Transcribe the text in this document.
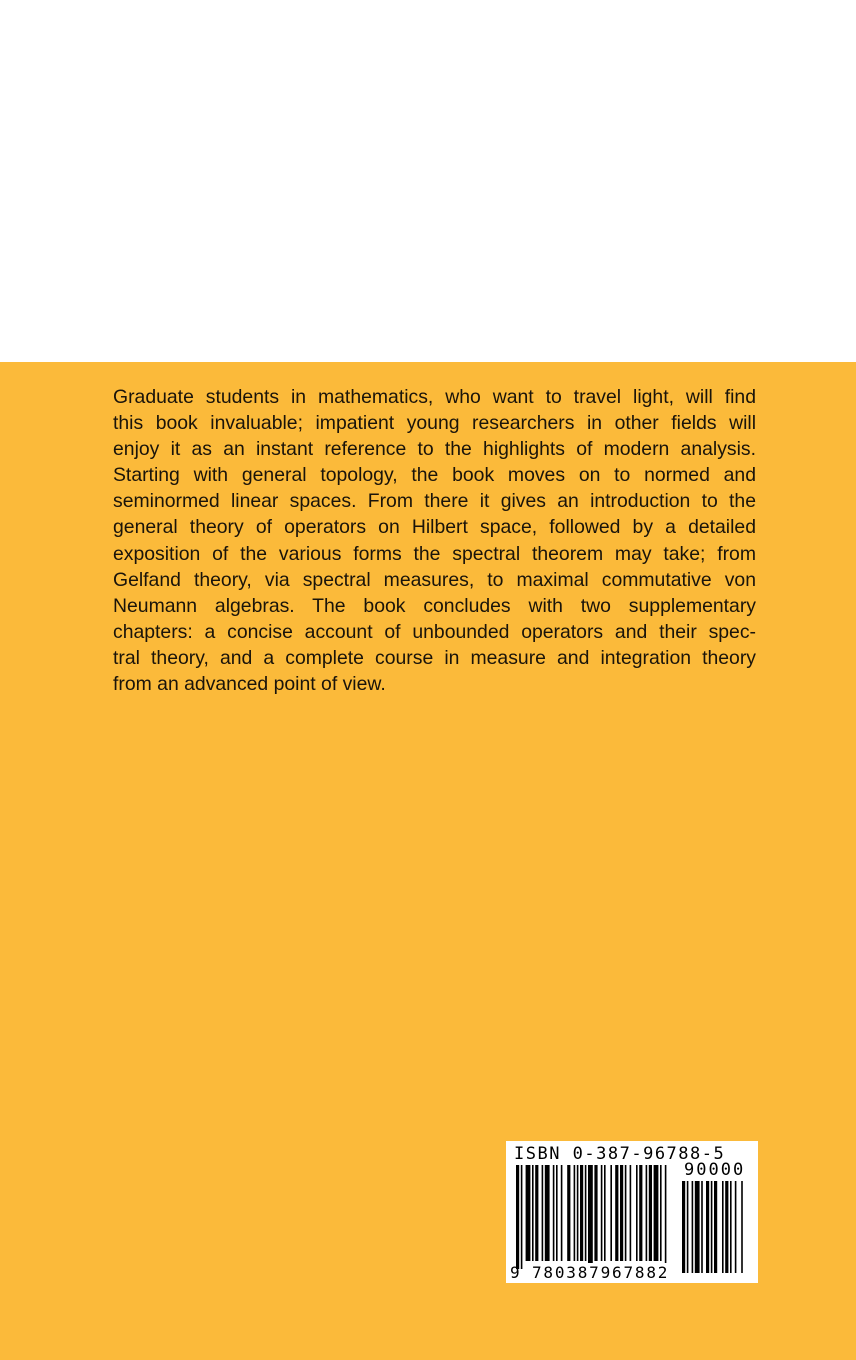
Graduate students in mathematics, who want to travel light, will find
this book invaluable; impatient young researchers in other fields will
enjoy it as an instant reference to the highlights of modern analysis.
Starting with general topology, the book moves on to normed and
seminormed linear spaces. From there it gives an introduction to the
general theory of operators on Hilbert space, followed by a detailed
exposition of the various forms the spectral theorem may take; from
Gelfand theory, via spectral measures, to maximal commutative von
Neumann algebras. The book concludes with two supplementary
chapters: a concise account of unbounded operators and their spec-
tral theory, and a complete course in measure and integration theory
from an advanced point of view.
ISBN 0-387-96788-5
90000
9 780387967882
